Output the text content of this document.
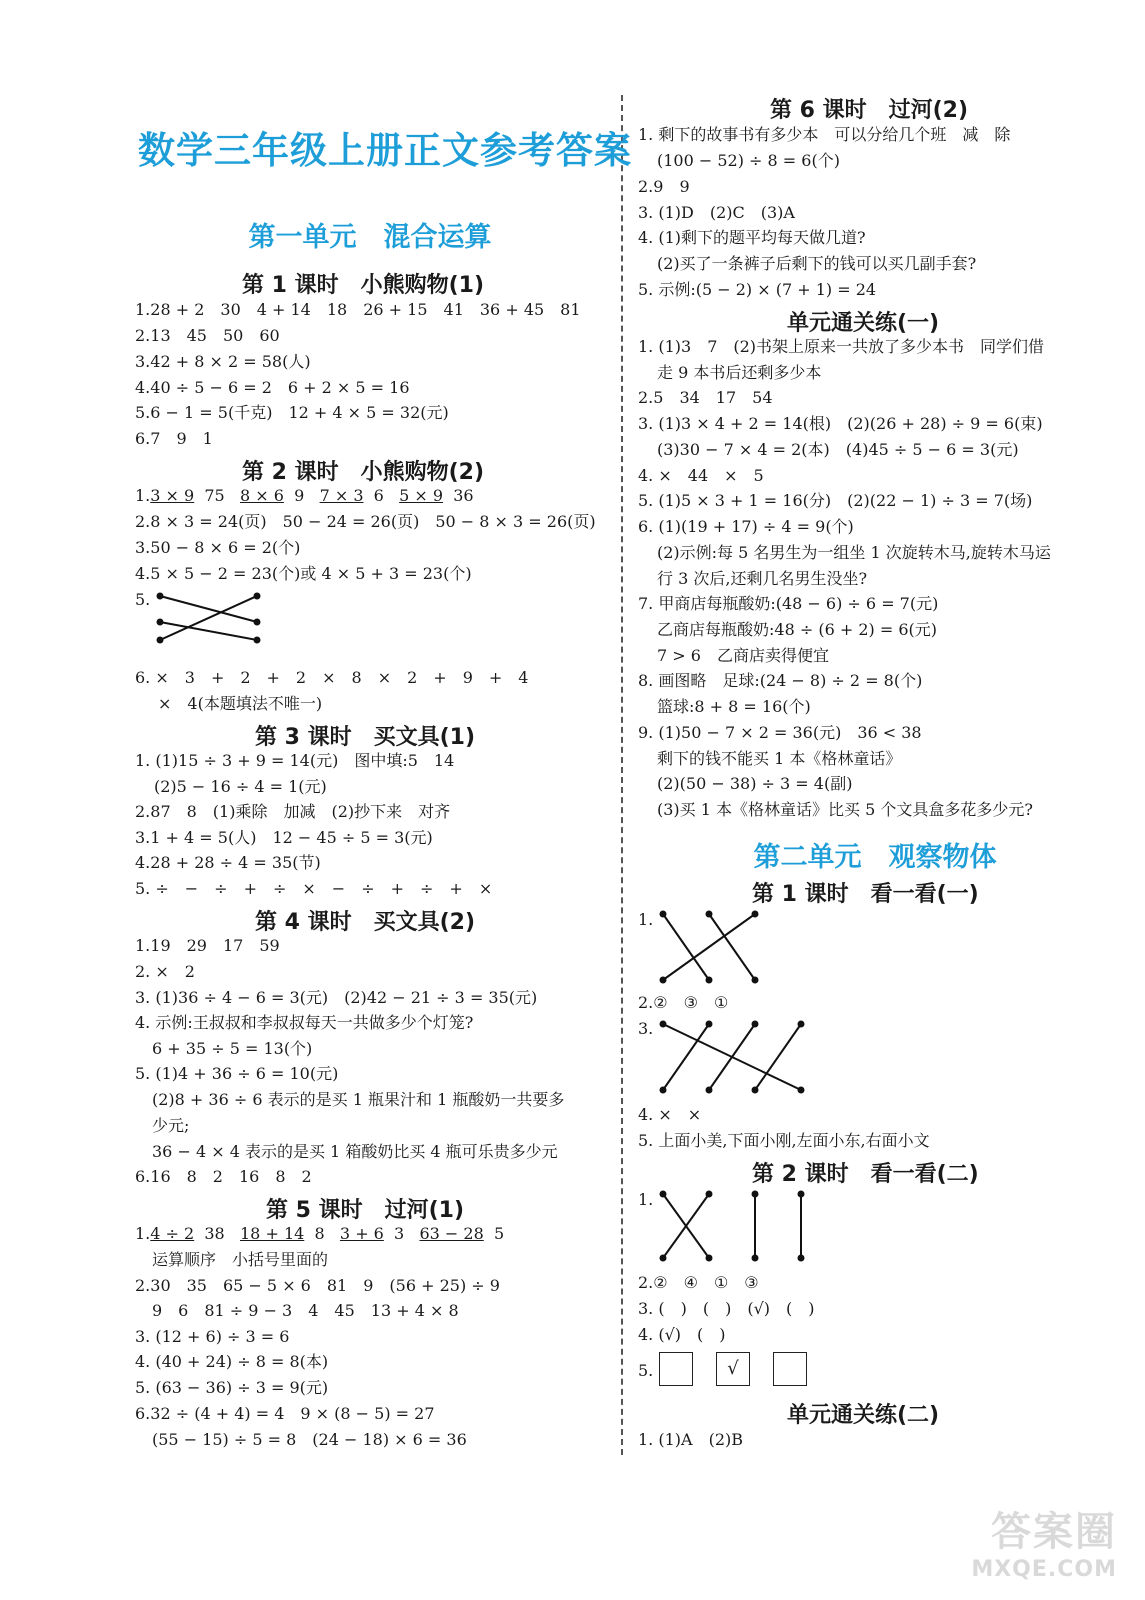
数学三年级上册正文参考答案
第一单元　混合运算
第 1 课时　小熊购物(1)
1.28 + 2　30　4 + 14　18　26 + 15　41　36 + 45　81
2.13　45　50　60
3.42 + 8 × 2 = 58(人)
4.40 ÷ 5 − 6 = 2　6 + 2 × 5 = 16
5.6 − 1 = 5(千克)　12 + 4 × 5 = 32(元)
6.7　9　1
第 2 课时　小熊购物(2)
1.3 × 9 75 8 × 6 9 7 × 3 6 5 × 9 36
2.8 × 3 = 24(页)　50 − 24 = 26(页)　50 − 8 × 3 = 26(页)
3.50 − 8 × 6 = 2(个)
4.5 × 5 − 2 = 23(个)或 4 × 5 + 3 = 23(个)
5.
6. ×　3　+　2　+　2　×　8　×　2　+　9　+　4
×　4(本题填法不唯一)
第 3 课时　买文具(1)
1. (1)15 ÷ 3 + 9 = 14(元)　图中填:5　14
(2)5 − 16 ÷ 4 = 1(元)
2.87　8　(1)乘除　加减　(2)抄下来　对齐
3.1 + 4 = 5(人)　12 − 45 ÷ 5 = 3(元)
4.28 + 28 ÷ 4 = 35(节)
5. ÷　−　÷　+　÷　×　−　÷　+　÷　+　×
第 4 课时　买文具(2)
1.19　29　17　59
2. ×　2
3. (1)36 ÷ 4 − 6 = 3(元)　(2)42 − 21 ÷ 3 = 35(元)
4. 示例:王叔叔和李叔叔每天一共做多少个灯笼?
6 + 35 ÷ 5 = 13(个)
5. (1)4 + 36 ÷ 6 = 10(元)
(2)8 + 36 ÷ 6 表示的是买 1 瓶果汁和 1 瓶酸奶一共要多
少元;
36 − 4 × 4 表示的是买 1 箱酸奶比买 4 瓶可乐贵多少元
6.16　8　2　16　8　2
第 5 课时　过河(1)
1.4 ÷ 2 38 18 + 14 8 3 + 6 3 63 − 28 5
运算顺序　小括号里面的
2.30　35　65 − 5 × 6　81　9　(56 + 25) ÷ 9
9　6　81 ÷ 9 − 3　4　45　13 + 4 × 8
3. (12 + 6) ÷ 3 = 6
4. (40 + 24) ÷ 8 = 8(本)
5. (63 − 36) ÷ 3 = 9(元)
6.32 ÷ (4 + 4) = 4　9 × (8 − 5) = 27
(55 − 15) ÷ 5 = 8　(24 − 18) × 6 = 36
第 6 课时　过河(2)
1. 剩下的故事书有多少本　可以分给几个班　减　除
(100 − 52) ÷ 8 = 6(个)
2.9　9
3. (1)D　(2)C　(3)A
4. (1)剩下的题平均每天做几道?
(2)买了一条裤子后剩下的钱可以买几副手套?
5. 示例:(5 − 2) × (7 + 1) = 24
单元通关练(一)
1. (1)3　7　(2)书架上原来一共放了多少本书　同学们借
走 9 本书后还剩多少本
2.5　34　17　54
3. (1)3 × 4 + 2 = 14(根)　(2)(26 + 28) ÷ 9 = 6(束)
(3)30 − 7 × 4 = 2(本)　(4)45 ÷ 5 − 6 = 3(元)
4. ×　44　×　5
5. (1)5 × 3 + 1 = 16(分)　(2)(22 − 1) ÷ 3 = 7(场)
6. (1)(19 + 17) ÷ 4 = 9(个)
(2)示例:每 5 名男生为一组坐 1 次旋转木马,旋转木马运
行 3 次后,还剩几名男生没坐?
7. 甲商店每瓶酸奶:(48 − 6) ÷ 6 = 7(元)
乙商店每瓶酸奶:48 ÷ (6 + 2) = 6(元)
7 > 6　乙商店卖得便宜
8. 画图略　足球:(24 − 8) ÷ 2 = 8(个)
篮球:8 + 8 = 16(个)
9. (1)50 − 7 × 2 = 36(元)　36 < 38
剩下的钱不能买 1 本《格林童话》
(2)(50 − 38) ÷ 3 = 4(副)
(3)买 1 本《格林童话》比买 5 个文具盒多花多少元?
第二单元　观察物体
第 1 课时　看一看(一)
1.
2.②　③　①
3.
4. ×　×
5. 上面小美,下面小刚,左面小东,右面小文
第 2 课时　看一看(二)
1.
2.②　④　①　③
3. (　)　(　)　(√)　(　)
4. (√)　(　)
5.	√
单元通关练(二)
1. (1)A　(2)B
答案圈
MXQE.COM
